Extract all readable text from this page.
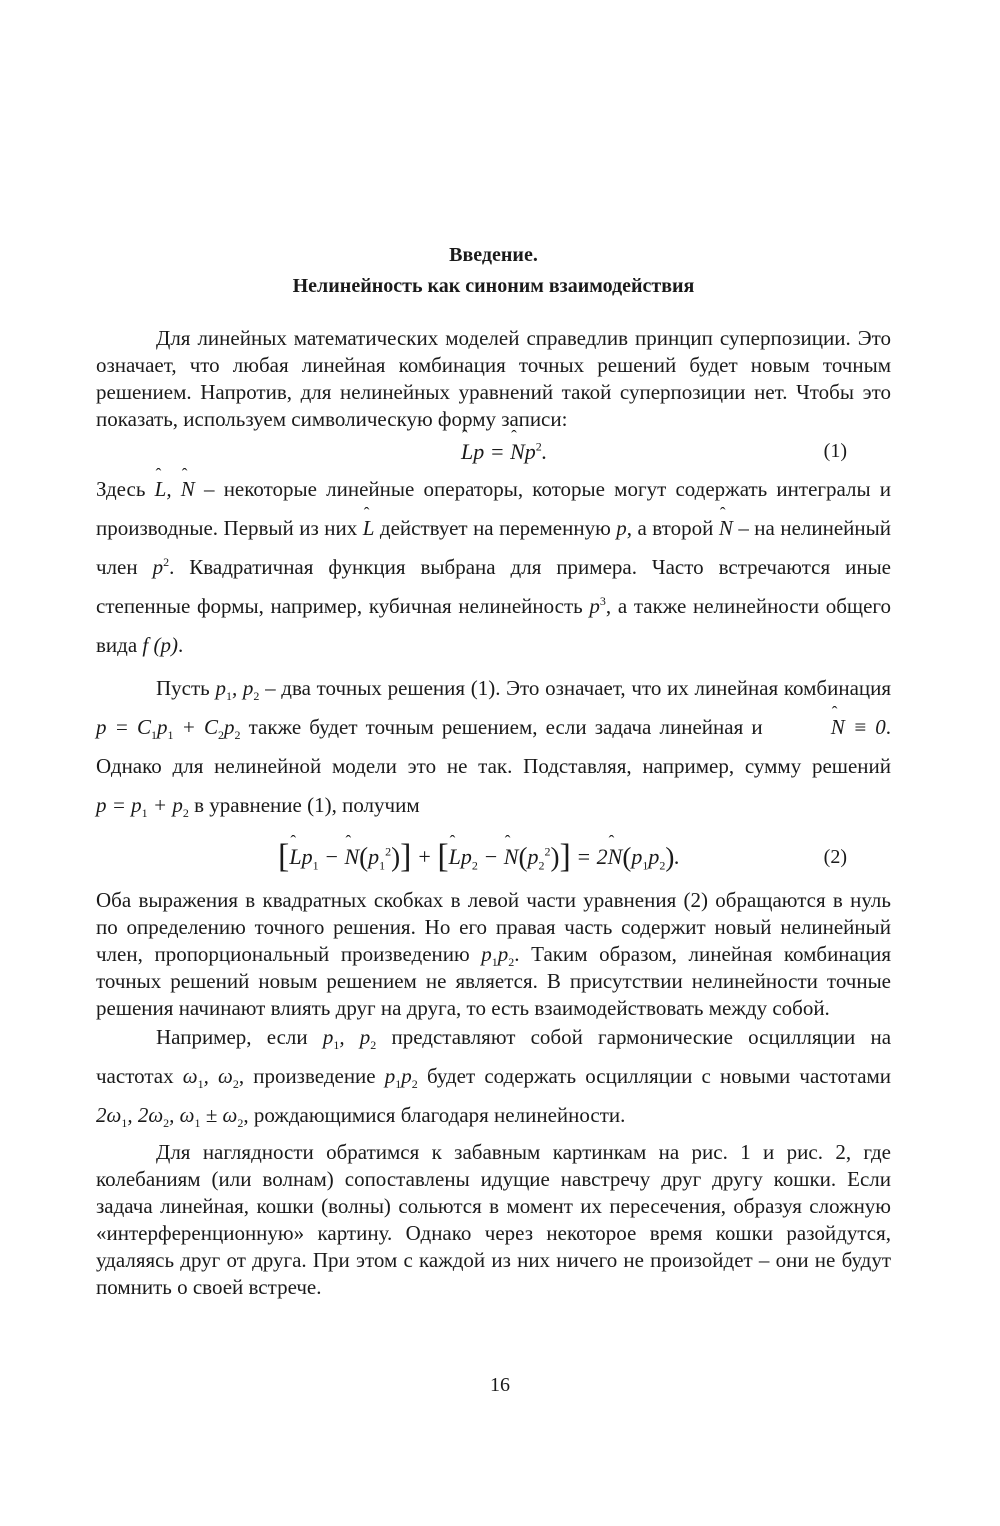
Введение.
Нелинейность как синоним взаимодействия

Для линейных математических моделей справедлив принцип суперпозиции. Это означает, что любая линейная комбинация точных решений будет новым точным решением. Напротив, для нелинейных уравнений такой суперпозиции нет. Чтобы это показать, используем символическую форму записи:

ˆ Lp = ˆ Np$^2$.	(1)

Здесь ˆ L, ˆ N – некоторые линейные операторы, которые могут содержать интегралы и производные. Первый из них ˆ L действует на переменную p, а второй ˆ N – на нелинейный член $p^2$. Квадратичная функция выбрана для примера. Часто встречаются иные степенные формы, например, кубичная нелинейность $p^3$, а также нелинейности общего вида f (p).

Пусть $p_1$, $p_2$ – два точных решения (1). Это означает, что их линейная комбинация $p = C_1p_1 + C_2p_2$ также будет точным решением, если задача линейная и	ˆ N ≡ 0. Однако для нелинейной модели это не так. Подставляя, например, сумму решений $p = p_1 + p_2$ в уравнение (1), получим

[ˆ $Lp_1$ − ˆ $N(p_1^2)$] + [ˆ $Lp_2$ − ˆ $N(p_2^2)$] = 2ˆ $N(p_1p_2)$.	(2)

Оба выражения в квадратных скобках в левой части уравнения (2) обращаются в нуль по определению точного решения. Но его правая часть содержит новый нелинейный член, пропорциональный произведению $p_1p_2$. Таким образом, линейная комбинация точных решений новым решением не является. В присутствии нелинейности точные решения начинают влиять друг на друга, то есть взаимодействовать между собой.

Например, если $p_1$, $p_2$ представляют собой гармонические осцилляции на частотах $\omega_1$, $\omega_2$, произведение $p_1p_2$ будет содержать осцилляции с новыми частотами $2\omega_1$, $2\omega_2$, $\omega_1 \pm \omega_2$, рождающимися благодаря нелинейности.

Для наглядности обратимся к забавным картинкам на рис. 1 и рис. 2, где колебаниям (или волнам) сопоставлены идущие навстречу друг другу кошки. Если задача линейная, кошки (волны) сольются в момент их пересечения, образуя сложную «интерференционную» картину. Однако через некоторое время кошки разойдутся, удаляясь друг от друга. При этом с каждой из них ничего не произойдет – они не будут помнить о своей встрече.

16
